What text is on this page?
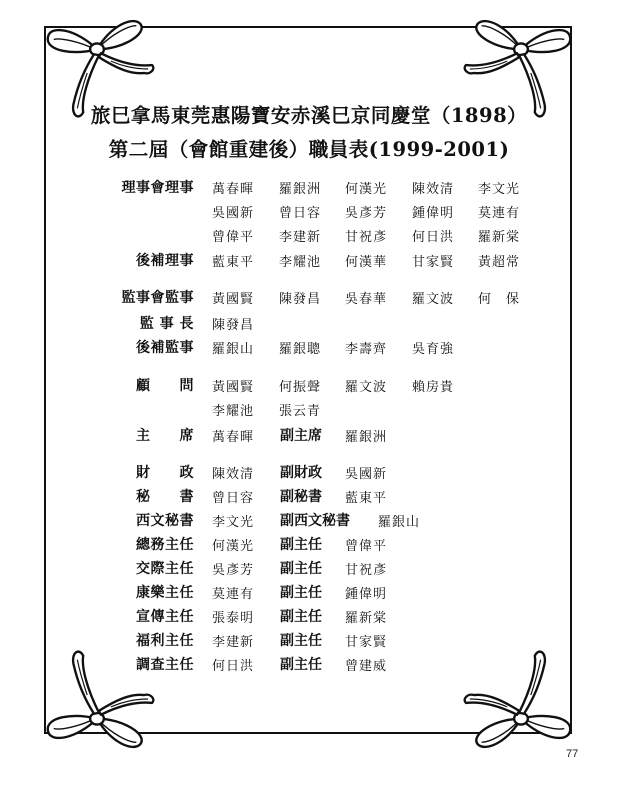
旅巳拿馬東莞惠陽寶安赤溪巳京同慶堂（1898）
第二屆（會館重建後）職員表(1999-2001)
理事會理事 萬春暉 羅銀洲 何漢光 陳效清 李文光
吳國新 曾日容 吳彥芳 鍾偉明 莫連有
曾偉平 李建新 甘祝彥 何日洪 羅新棠
後補理事 藍東平 李耀池 何漢華 甘家賢 黃超常
監事會監事 黃國賢 陳發昌 吳春華 羅文波 何　保
監 事 長 陳發昌
後補監事 羅銀山 羅銀聰 李壽齊 吳育強
顧　　問 黃國賢 何振聲 羅文波 賴房貴
李耀池 張云青
主　　席 萬春暉 副主席 羅銀洲
財　　政 陳效清 副財政 吳國新
秘　　書 曾日容 副秘書 藍東平
西文秘書 李文光 副西文秘書 羅銀山
總務主任 何漢光 副主任 曾偉平
交際主任 吳彥芳 副主任 甘祝彥
康樂主任 莫連有 副主任 鍾偉明
宣傳主任 張泰明 副主任 羅新棠
福利主任 李建新 副主任 甘家賢
調查主任 何日洪 副主任 曾建威
77
